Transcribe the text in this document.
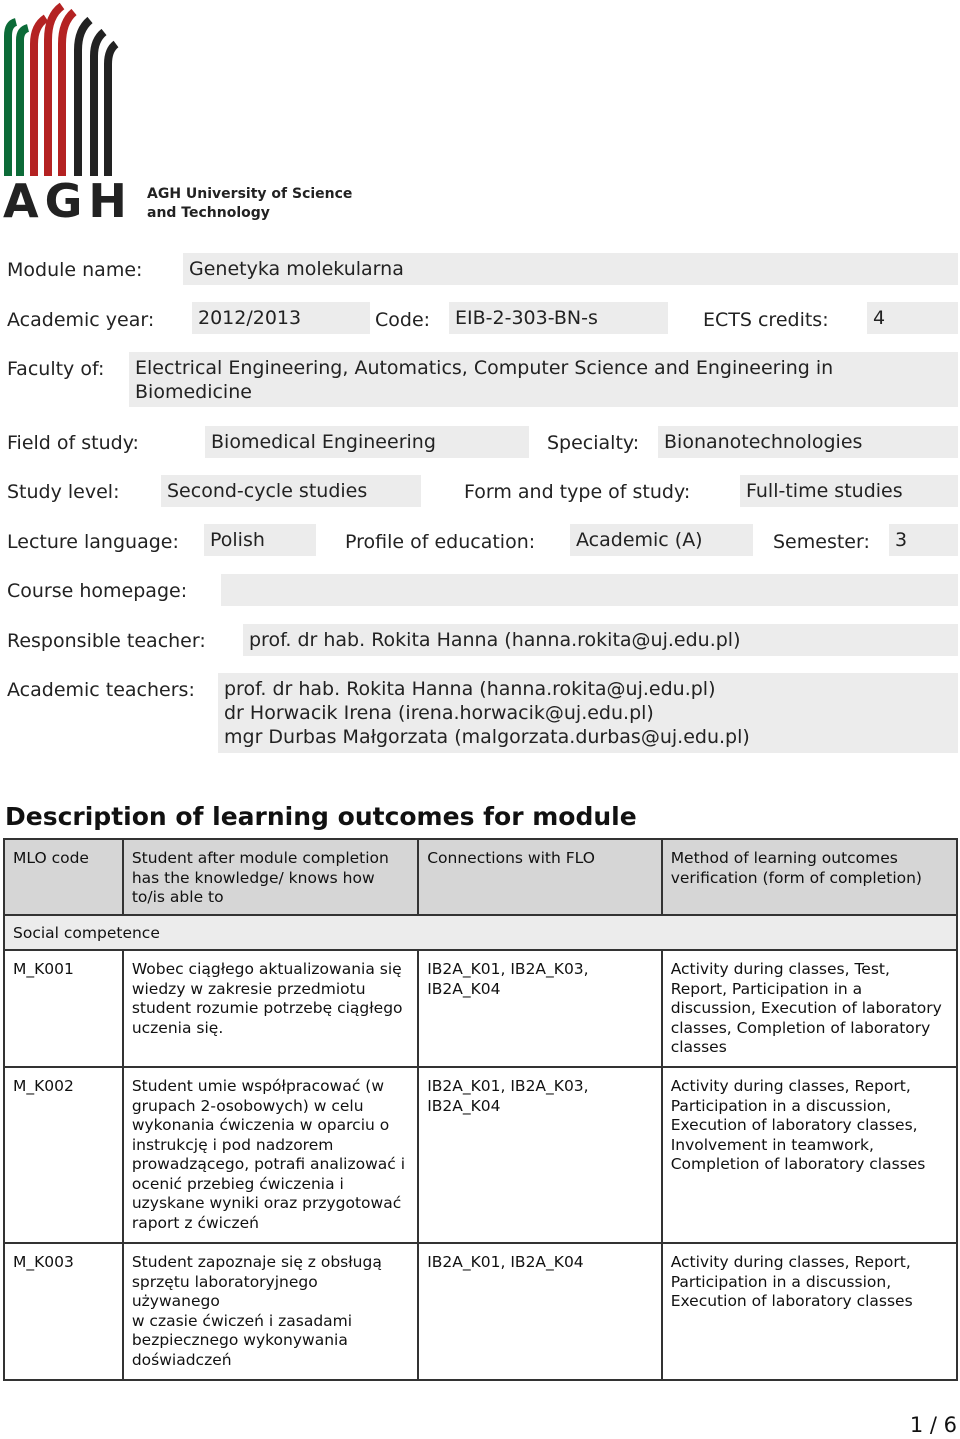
AGH AGH University of Science
and Technology
Module name:	Genetyka molekularna
Academic year:	2012/2013	Code:	EIB-2-303-BN-s	ECTS credits:	4
Faculty of:	Electrical Engineering, Automatics, Computer Science and Engineering in Biomedicine
Field of study:	Biomedical Engineering	Specialty:	Bionanotechnologies
Study level:	Second-cycle studies	Form and type of study:	Full-time studies
Lecture language:	Polish	Profile of education:	Academic (A)	Semester:	3
Course homepage:
Responsible teacher:	prof. dr hab. Rokita Hanna (hanna.rokita@uj.edu.pl)
Academic teachers: prof. dr hab. Rokita Hanna (hanna.rokita@uj.edu.pl)
dr Horwacik Irena (irena.horwacik@uj.edu.pl)
mgr Durbas Małgorzata (malgorzata.durbas@uj.edu.pl)
Description of learning outcomes for module
MLO code	Student after module completion has the knowledge/ knows how to/is able to	Connections with FLO	Method of learning outcomes verification (form of completion)
Social competence			
M_K001	Wobec ciągłego aktualizowania się wiedzy w zakresie przedmiotu student rozumie potrzebę ciągłego uczenia się.	IB2A_K01, IB2A_K03, IB2A_K04	Activity during classes, Test, Report, Participation in a discussion, Execution of laboratory classes, Completion of laboratory classes
M_K002	Student umie współpracować (w grupach 2-osobowych) w celu wykonania ćwiczenia w oparciu o instrukcję i pod nadzorem prowadzącego, potrafi analizować i ocenić przebieg ćwiczenia i uzyskane wyniki oraz przygotować raport z ćwiczeń	IB2A_K01, IB2A_K03, IB2A_K04	Activity during classes, Report, Participation in a discussion, Execution of laboratory classes, Involvement in teamwork, Completion of laboratory classes
M_K003	Student zapoznaje się z obsługą sprzętu laboratoryjnego używanego
w czasie ćwiczeń i zasadami bezpiecznego wykonywania doświadczeń	IB2A_K01, IB2A_K04	Activity during classes, Report, Participation in a discussion, Execution of laboratory classes
1 / 6
